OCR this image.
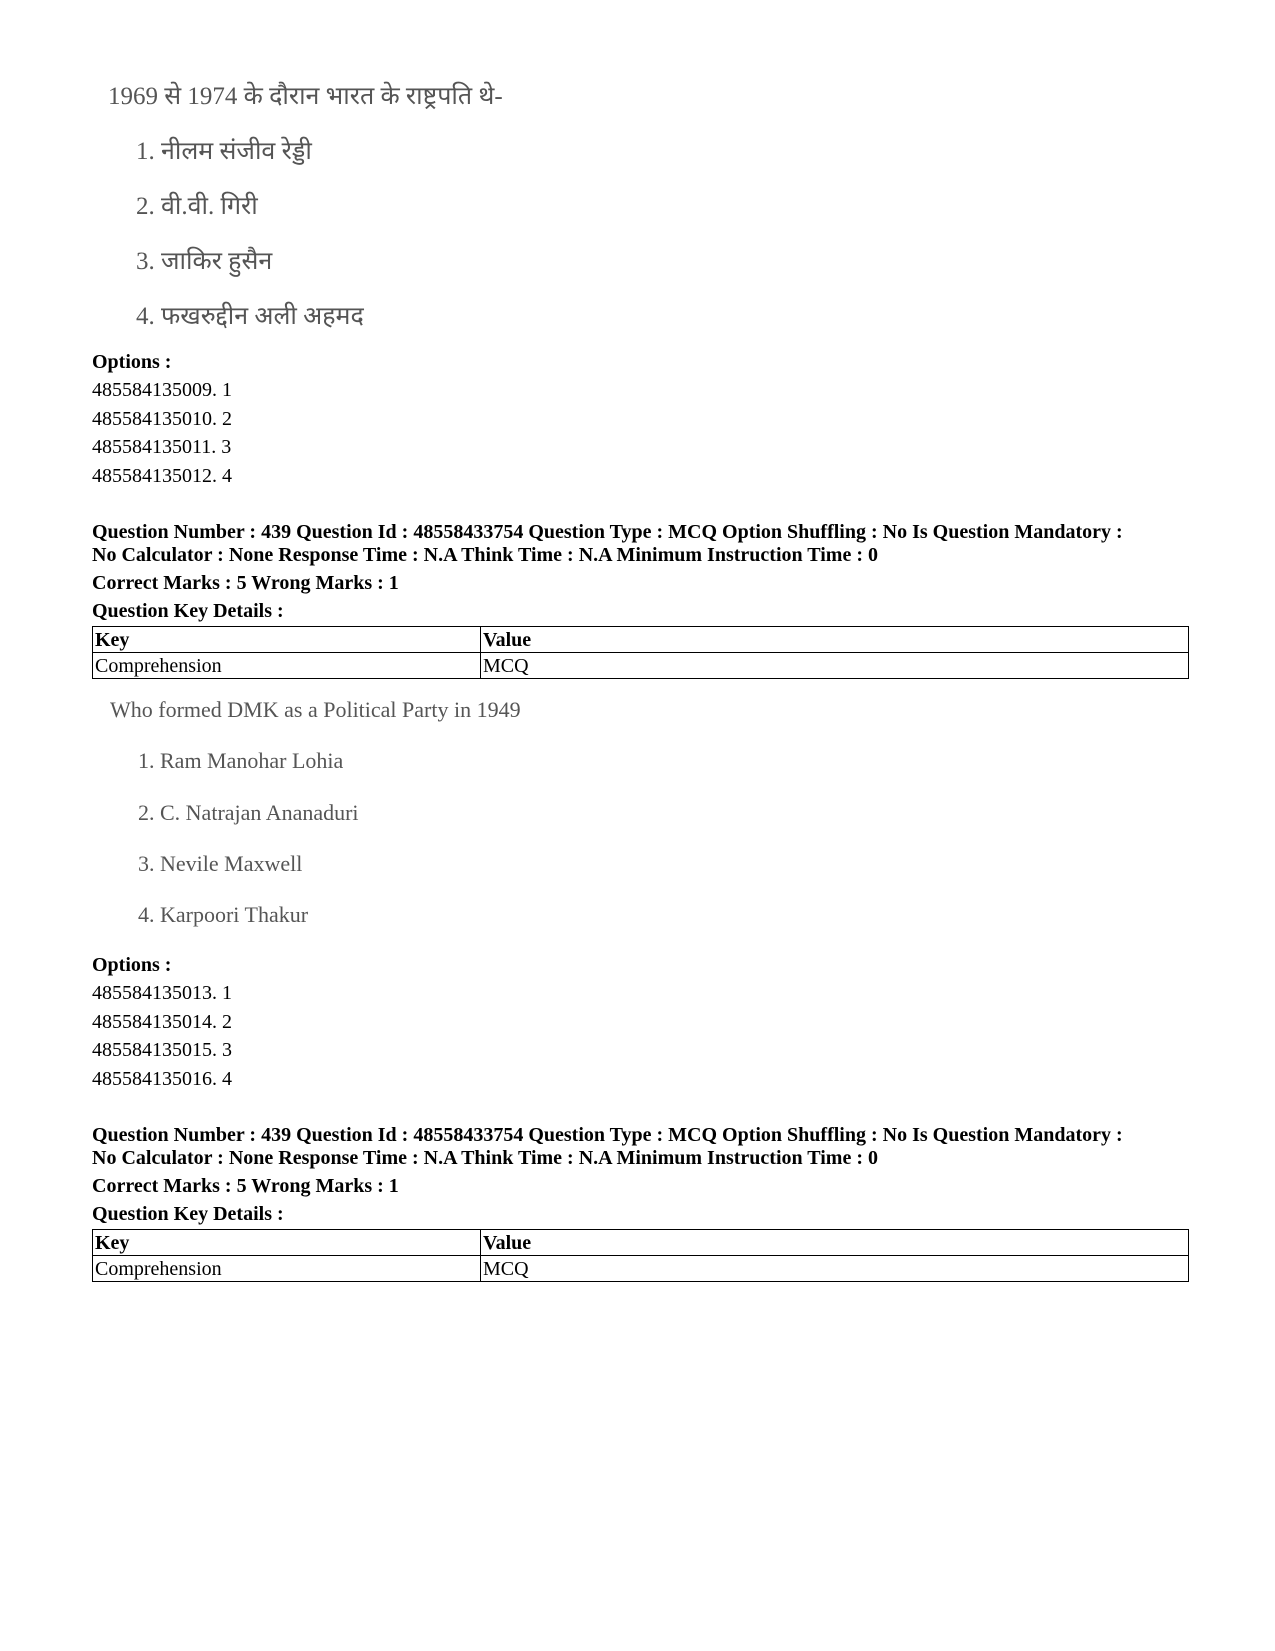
1969 से 1974 के दौरान भारत के राष्ट्रपति थे-
1. नीलम संजीव रेड्डी
2. वी.वी. गिरी
3. जाकिर हुसैन
4. फखरुद्दीन अली अहमद
Options :
485584135009. 1
485584135010. 2
485584135011. 3
485584135012. 4
Question Number : 439 Question Id : 48558433754 Question Type : MCQ Option Shuffling : No Is Question Mandatory :
No Calculator : None Response Time : N.A Think Time : N.A Minimum Instruction Time : 0
Correct Marks : 5 Wrong Marks : 1
Question Key Details :
Key	Value
Comprehension	MCQ
Who formed DMK as a Political Party in 1949
1. Ram Manohar Lohia
2. C. Natrajan Ananaduri
3. Nevile Maxwell
4. Karpoori Thakur
Options :
485584135013. 1
485584135014. 2
485584135015. 3
485584135016. 4
Question Number : 439 Question Id : 48558433754 Question Type : MCQ Option Shuffling : No Is Question Mandatory :
No Calculator : None Response Time : N.A Think Time : N.A Minimum Instruction Time : 0
Correct Marks : 5 Wrong Marks : 1
Question Key Details :
Key	Value
Comprehension	MCQ
